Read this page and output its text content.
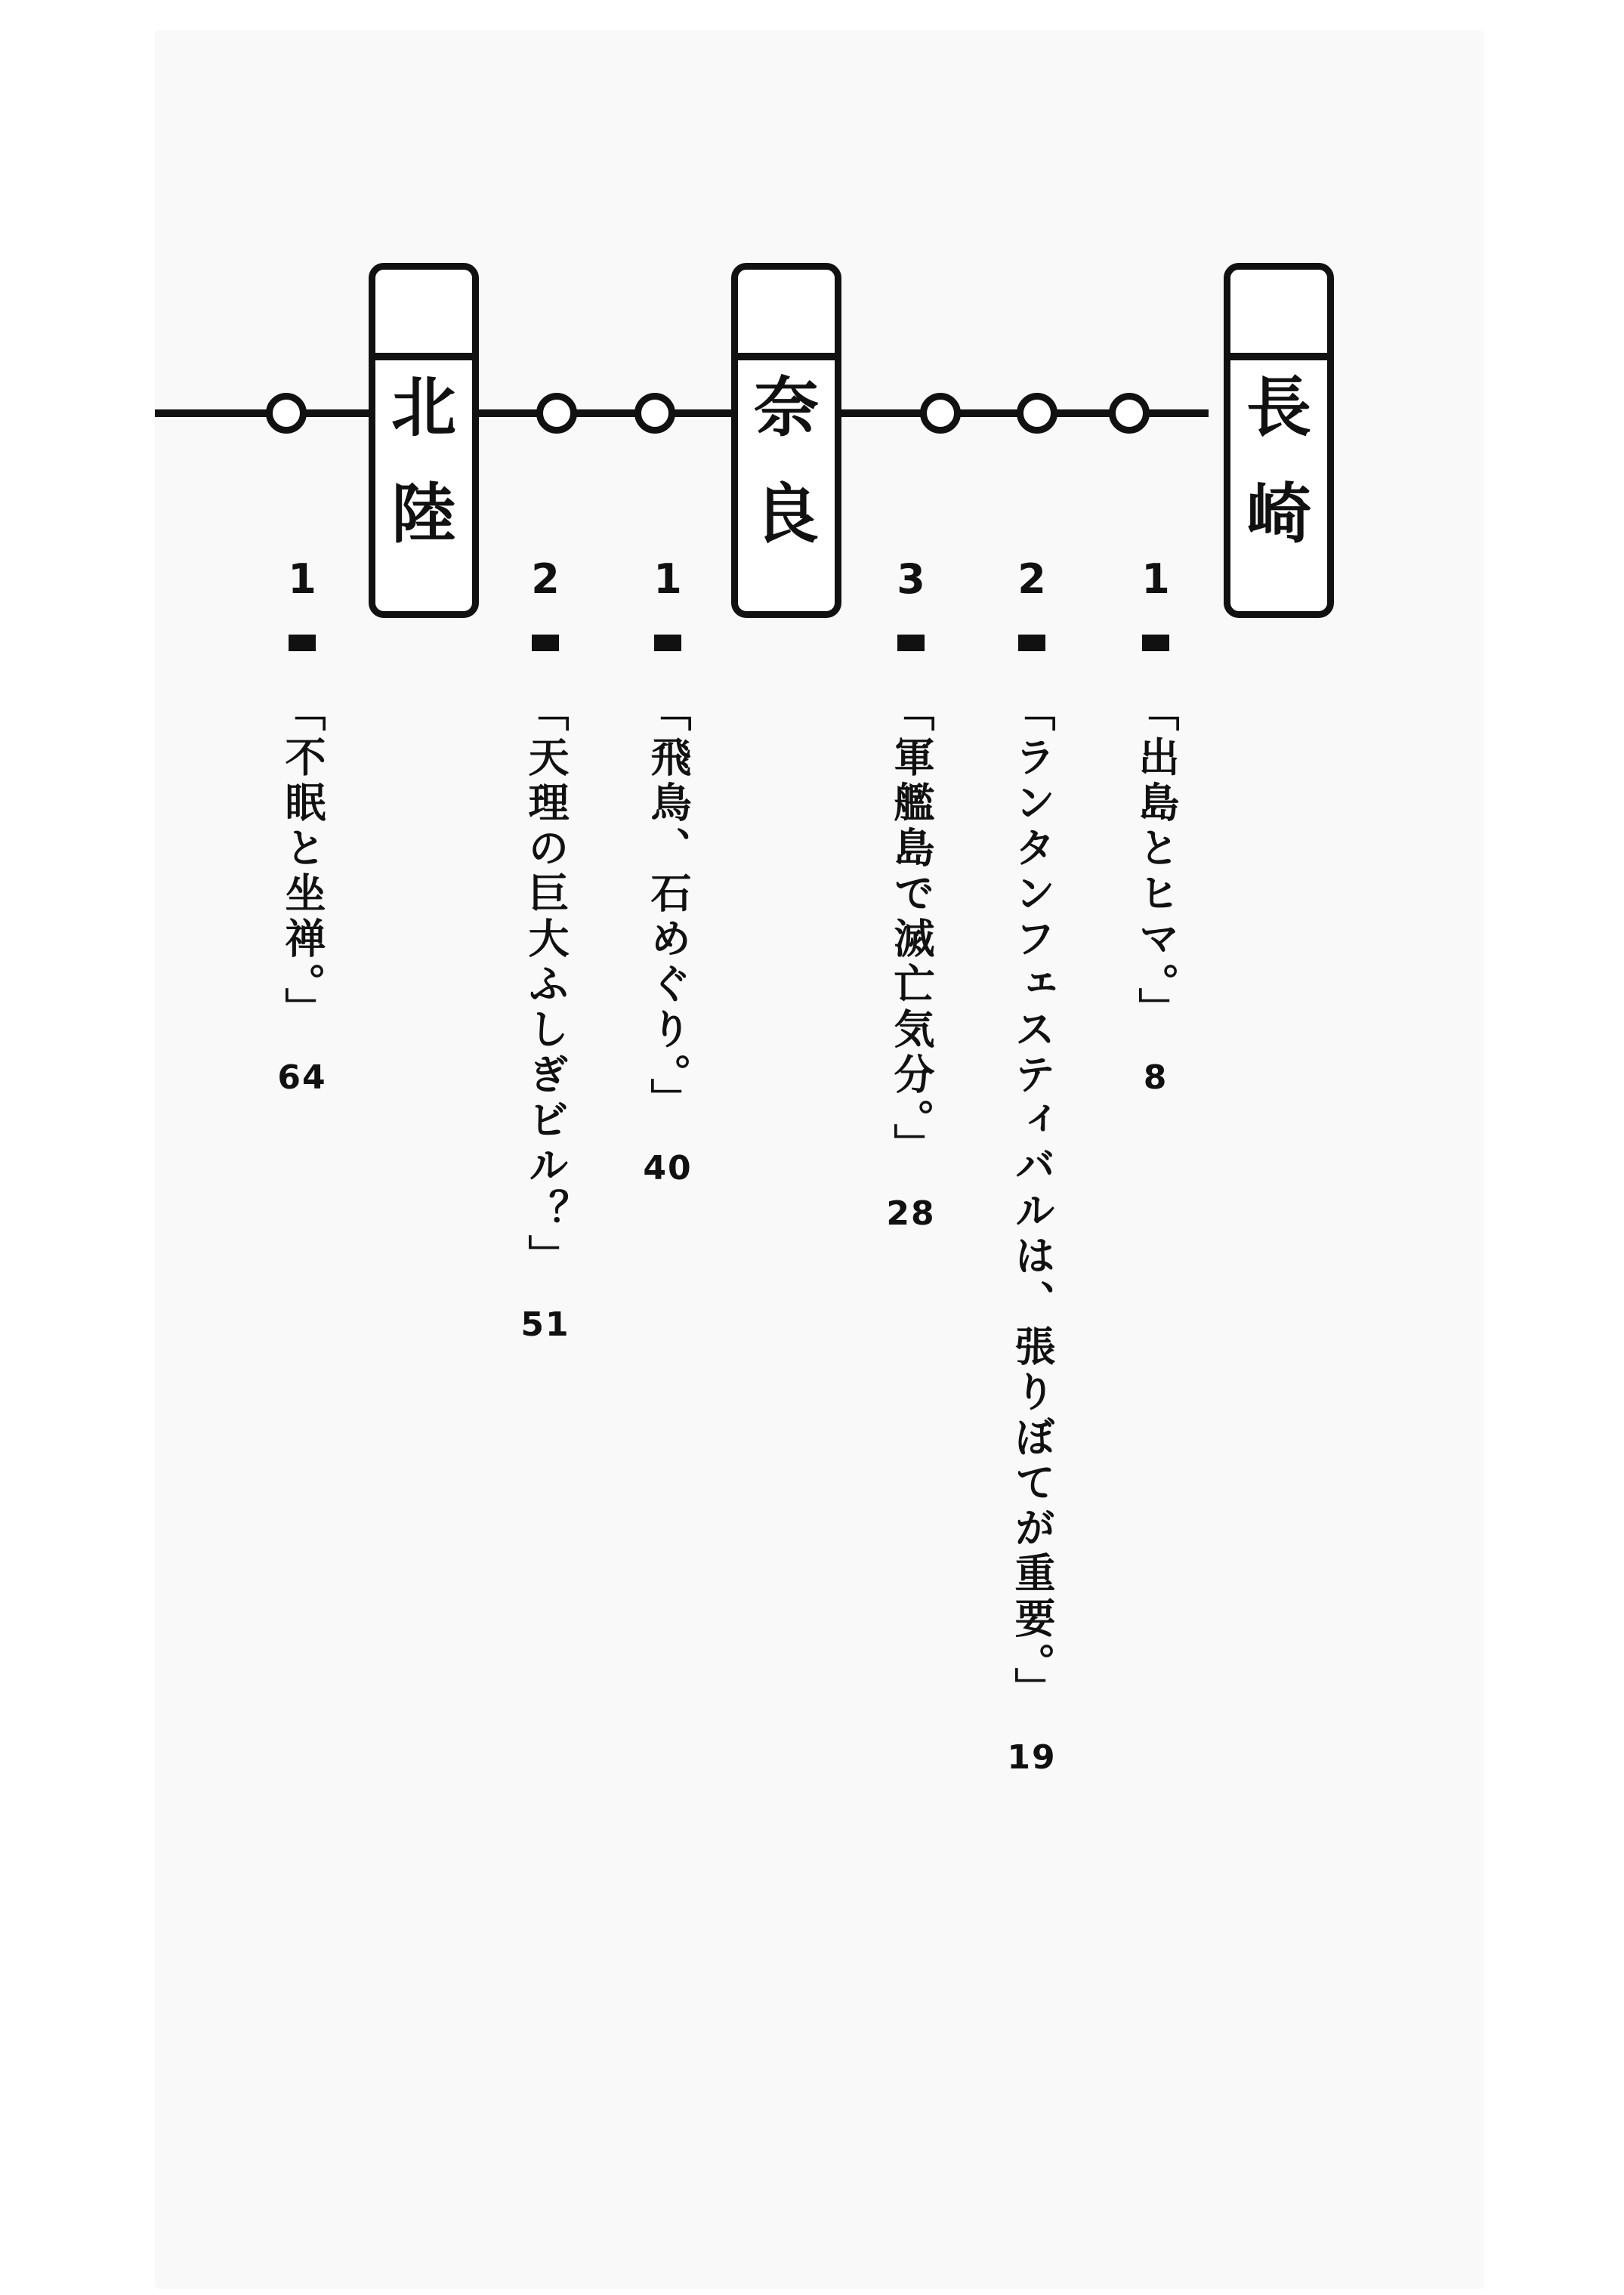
長
崎
奈
良
北
陸
1
「出島とヒマ。」
8
2
「ランタンフェスティバルは、張りぼてが重要。」
19
3
「軍艦島で滅亡気分。」
28
1
「飛鳥、石めぐり。」
40
2
「天理の巨大ふしぎビル？」
51
1
「不眠と坐禅。」
64
